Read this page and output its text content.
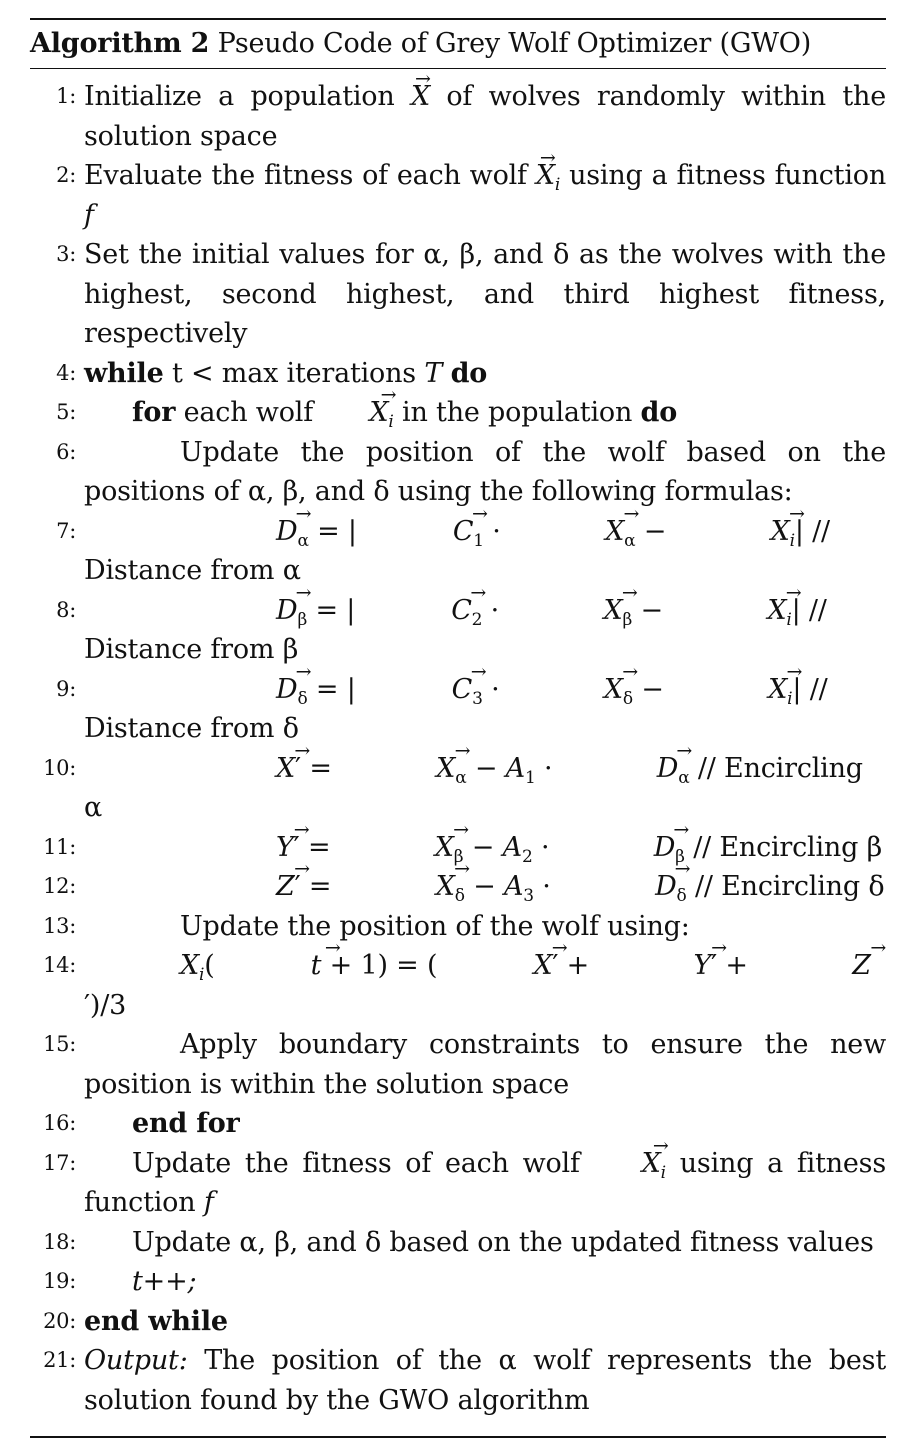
Algorithm 2 Pseudo Code of Grey Wolf Optimizer (GWO)
1: Initialize a population → X of wolves randomly within the solution space
2: Evaluate the fitness of each wolf → $X_i$ using a fitness function f
3: Set the initial values for α, β, and δ as the wolves with the highest, second highest, and third highest fitness, respectively
4: while t < max iterations T do
5:	for each wolf → $X_i$ in the population do
6:	Update the position of the wolf based on the positions of α, β, and δ using the following formulas:
7:
→	$D_\alpha$ = |→	$C_1$ · →	$X_\alpha$ − →	$X_i|$ // Distance from α
8:
→	$D_\beta$ = |→	$C_2$ · →	$X_\beta$ − →	$X_i|$ // Distance from β
9:
→	$D_\delta$ = |→	$C_3$ · →	$X_\delta$ − →	$X_i|$ // Distance from δ
10:
→	X′ = →	$X_\alpha - A_1$ · →	$D_\alpha$ // Encircling α
11:
→	Y′ = →	$X_\beta - A_2$ · →	$D_\beta$ // Encircling β
12:
→	Z′ = →	$X_\delta - A_3$ · →	$D_\delta$ // Encircling δ
13:	Update the position of the wolf using:
14:	$X_i(\to$	t + 1) = (→	X′ + →	Y′ + →	Z′)/3
15:	Apply boundary constraints to ensure the new position is within the solution space
16:	end for
17:	Update the fitness of each wolf → $X_i$ using a fitness function f
18:	Update α, β, and δ based on the updated fitness values
19:	t++;
20: end while
21: Output: The position of the α wolf represents the best solution found by the GWO algorithm
